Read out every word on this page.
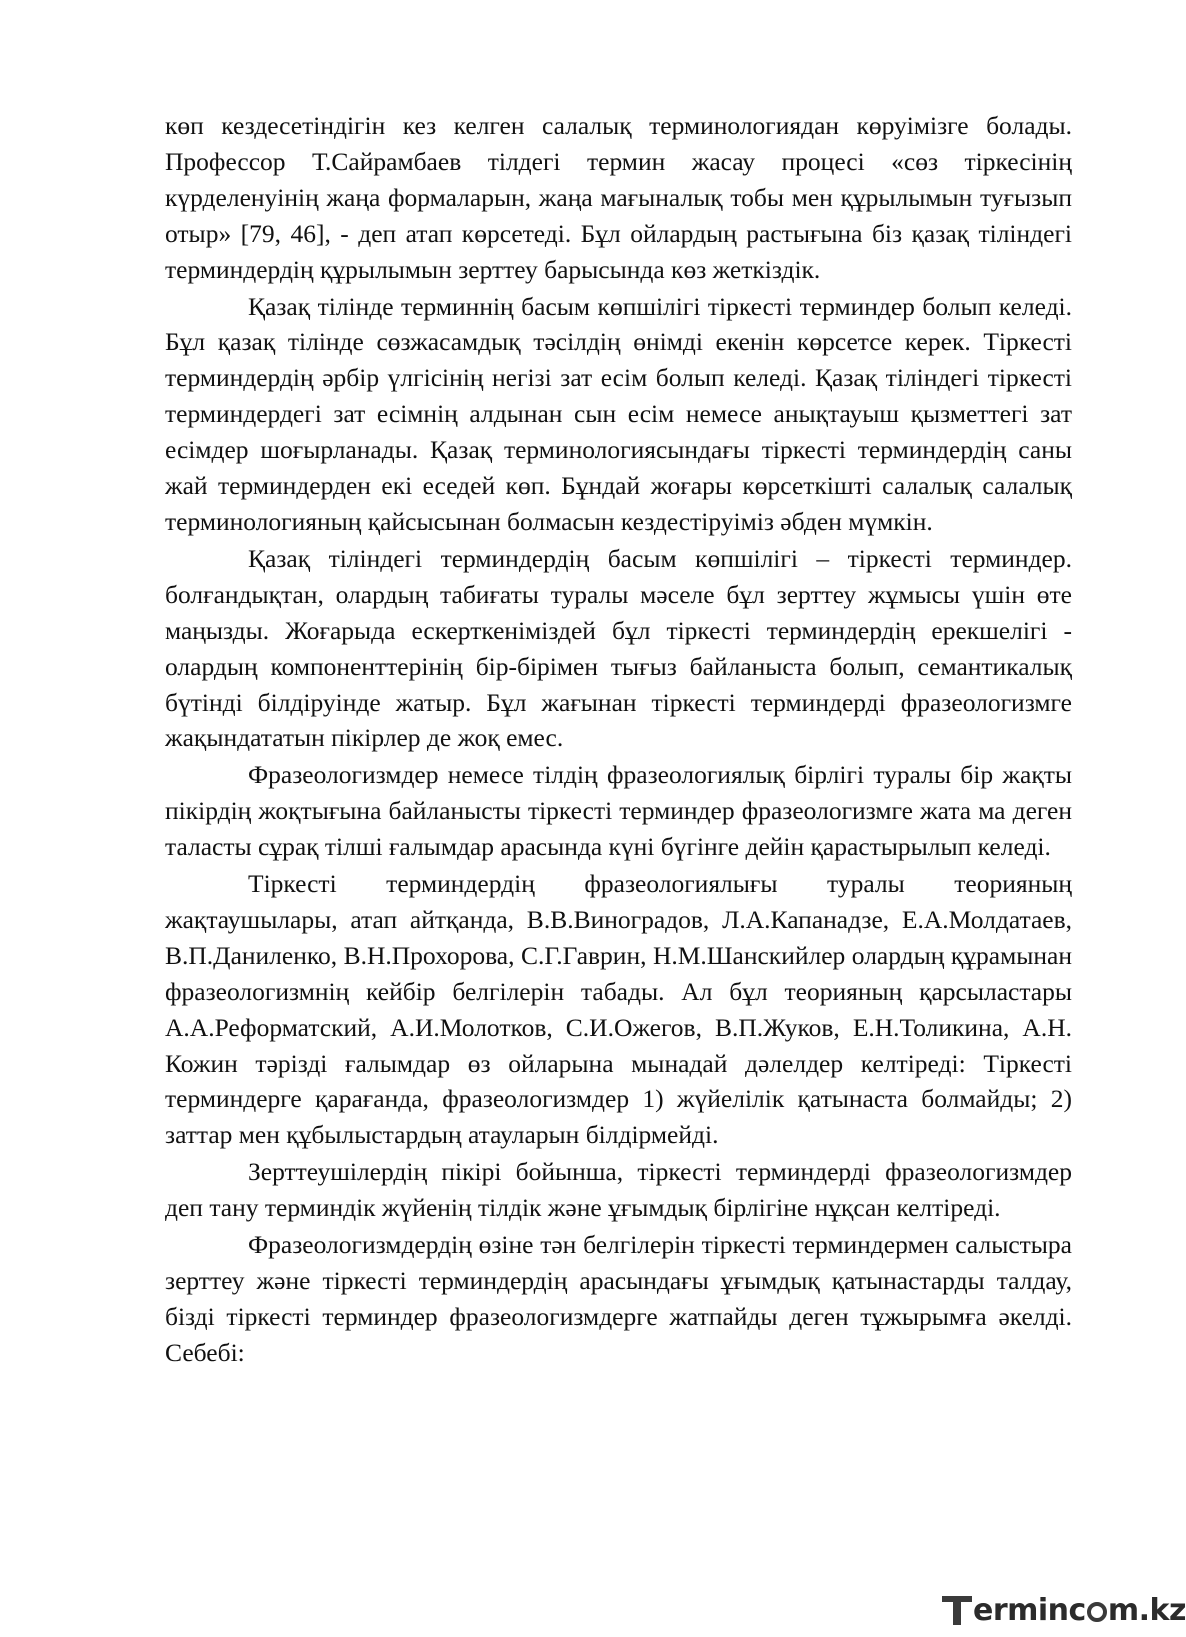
көп кездесетіндігін кез келген салалық терминологиядан көруімізге болады. Профессор Т.Сайрамбаев тілдегі термин жасау процесі «сөз тіркесінің күрделенуінің жаңа формаларын, жаңа мағыналық тобы мен құрылымын туғызып отыр» [79, 46], - деп атап көрсетеді. Бұл ойлардың растығына біз қазақ тіліндегі терминдердің құрылымын зерттеу барысында көз жеткіздік.

Қазақ тілінде терминнің басым көпшілігі тіркесті терминдер болып келеді. Бұл қазақ тілінде сөзжасамдық тәсілдің өнімді екенін көрсетсе керек. Тіркесті терминдердің әрбір үлгісінің негізі зат есім болып келеді. Қазақ тіліндегі тіркесті терминдердегі зат есімнің алдынан сын есім немесе анықтауыш қызметтегі зат есімдер шоғырланады. Қазақ терминологиясындағы тіркесті терминдердің саны жай терминдерден екі еседей көп. Бұндай жоғары көрсеткішті салалық салалық терминологияның қайсысынан болмасын кездестіруіміз әбден мүмкін.

Қазақ тіліндегі терминдердің басым көпшілігі – тіркесті терминдер. болғандықтан, олардың табиғаты туралы мәселе бұл зерттеу жұмысы үшін өте маңызды. Жоғарыда ескерткеніміздей бұл тіркесті терминдердің ерекшелігі - олардың компоненттерінің бір-бірімен тығыз байланыста болып, семантикалық бүтінді білдіруінде жатыр. Бұл жағынан тіркесті терминдерді фразеологизмге жақындататын пікірлер де жоқ емес.

Фразеологизмдер немесе тілдің фразеологиялық бірлігі туралы бір жақты пікірдің жоқтығына байланысты тіркесті терминдер фразеологизмге жата ма деген таласты сұрақ тілші ғалымдар арасында күні бүгінге дейін қарастырылып келеді.

Тіркесті терминдердің фразеологиялығы туралы теорияның жақтаушылары, атап айтқанда, В.В.Виноградов, Л.А.Капанадзе, Е.А.Молдатаев, В.П.Даниленко, В.Н.Прохорова, С.Г.Гаврин, Н.М.Шанскийлер олардың құрамынан фразеологизмнің кейбір белгілерін табады. Ал бұл теорияның қарсыластары А.А.Реформатский, А.И.Молотков, С.И.Ожегов, В.П.Жуков, Е.Н.Толикина, А.Н. Кожин тәрізді ғалымдар өз ойларына мынадай дәлелдер келтіреді: Тіркесті терминдерге қарағанда, фразеологизмдер 1) жүйелілік қатынаста болмайды; 2) заттар мен құбылыстардың атауларын білдірмейді.

Зерттеушілердің пікірі бойынша, тіркесті терминдерді фразеологизмдер деп тану терминдік жүйенің тілдік және ұғымдық бірлігіне нұқсан келтіреді.

Фразеологизмдердің өзіне тән белгілерін тіркесті терминдермен салыстыра зерттеу және тіркесті терминдердің арасындағы ұғымдық қатынастарды талдау, бізді тіркесті терминдер фразеологизмдерге жатпайды деген тұжырымға әкелді. Себебі:

ermin c m.kz
